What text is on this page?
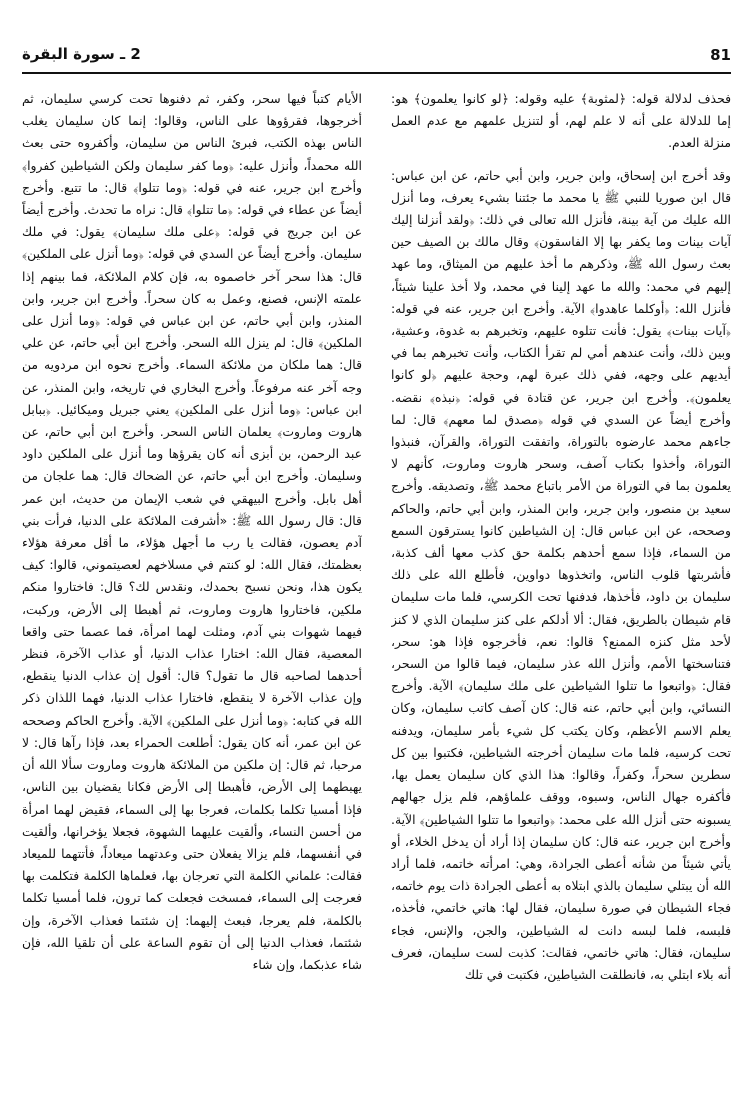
81
2 ـ سورة البقرة

فحذف لدلالة قوله: ﴿لمثوبة﴾ عليه وقوله: ﴿لو كانوا يعلمون﴾ هو: إما للدلالة على أنه لا علم لهم، أو لتنزيل علمهم مع عدم العمل منزلة العدم.

وقد أخرج ابن إسحاق، وابن جرير، وابن أبي حاتم، عن ابن عباس: قال ابن صوريا للنبي ﷺ يا محمد ما جئتنا بشيء يعرف، وما أنزل الله عليك من آية بينة، فأنزل الله تعالى في ذلك: ﴿ولقد أنزلنا إليك آيات بينات وما يكفر بها إلا الفاسقون﴾ وقال مالك بن الصيف حين بعث رسول الله ﷺ، وذكرهم ما أخذ عليهم من الميثاق، وما عهد إليهم في محمد: والله ما عهد إلينا في محمد، ولا أخذ علينا شيئاً، فأنزل الله: ﴿أوكلما عاهدوا﴾ الآية. وأخرج ابن جرير، عنه في قوله: ﴿آيات بينات﴾ يقول: فأنت تتلوه عليهم، وتخبرهم به غدوة، وعشية، وبين ذلك، وأنت عندهم أمي لم تقرأ الكتاب، وأنت تخبرهم بما في أيديهم على وجهه، ففي ذلك عبرة لهم، وحجة عليهم ﴿لو كانوا يعلمون﴾. وأخرج ابن جرير، عن قتادة في قوله: ﴿نبذه﴾ نقضه. وأخرج أيضاً عن السدي في قوله ﴿مصدق لما معهم﴾ قال: لما جاءهم محمد عارضوه بالتوراة، واتفقت التوراة، والقرآن، فنبذوا التوراة، وأخذوا بكتاب آصف، وسحر هاروت وماروت، كأنهم لا يعلمون بما في التوراة من الأمر باتباع محمد ﷺ، وتصديقه. وأخرج سعيد بن منصور، وابن جرير، وابن المنذر، وابن أبي حاتم، والحاكم وصححه، عن ابن عباس قال: إن الشياطين كانوا يسترقون السمع من السماء، فإذا سمع أحدهم بكلمة حق كذب معها ألف كذبة، فأشربتها قلوب الناس، واتخذوها دواوين، فأطلع الله على ذلك سليمان بن داود، فأخذها، فدفنها تحت الكرسي، فلما مات سليمان قام شيطان بالطريق، فقال: ألا أدلكم على كنز سليمان الذي لا كنز لأحد مثل كنزه الممنع؟ قالوا: نعم، فأخرجوه فإذا هو: سحر، فتناسختها الأمم، وأنزل الله عذر سليمان، فيما قالوا من السحر، فقال: ﴿واتبعوا ما تتلوا الشياطين على ملك سليمان﴾ الآية. وأخرج النسائي، وابن أبي حاتم، عنه قال: كان آصف كاتب سليمان، وكان يعلم الاسم الأعظم، وكان يكتب كل شيء بأمر سليمان، ويدفنه تحت كرسيه، فلما مات سليمان أخرجته الشياطين، فكتبوا بين كل سطرين سحراً، وكفراً، وقالوا: هذا الذي كان سليمان يعمل بها، فأكفره جهال الناس، وسبوه، ووقف علماؤهم، فلم يزل جهالهم يسبونه حتى أنزل الله على محمد: ﴿واتبعوا ما تتلوا الشياطين﴾ الآية. وأخرج ابن جرير، عنه قال: كان سليمان إذا أراد أن يدخل الخلاء، أو يأتي شيئاً من شأنه أعطى الجرادة، وهي: امرأته خاتمه، فلما أراد الله أن يبتلي سليمان بالذي ابتلاه به أعطى الجرادة ذات يوم خاتمه، فجاء الشيطان في صورة سليمان، فقال لها: هاتي خاتمي، فأخذه، فلبسه، فلما لبسه دانت له الشياطين، والجن، والإنس، فجاء سليمان، فقال: هاتي خاتمي، فقالت: كذبت لست سليمان، فعرف أنه بلاء ابتلي به، فانطلقت الشياطين، فكتبت في تلك

الأيام كتباً فيها سحر، وكفر، ثم دفنوها تحت كرسي سليمان، ثم أخرجوها، فقرؤوها على الناس، وقالوا: إنما كان سليمان يغلب الناس بهذه الكتب، فبرئ الناس من سليمان، وأكفروه حتى بعث الله محمداً، وأنزل عليه: ﴿وما كفر سليمان ولكن الشياطين كفروا﴾ وأخرج ابن جرير، عنه في قوله: ﴿وما تتلوا﴾ قال: ما تتبع. وأخرج أيضاً عن عطاء في قوله: ﴿ما تتلوا﴾ قال: نراه ما تحدث. وأخرج أيضاً عن ابن جريج في قوله: ﴿على ملك سليمان﴾ يقول: في ملك سليمان. وأخرج أيضاً عن السدي في قوله: ﴿وما أنزل على الملكين﴾ قال: هذا سحر آخر خاصموه به، فإن كلام الملائكة، فما بينهم إذا علمته الإنس، فصنع، وعمل به كان سحراً. وأخرج ابن جرير، وابن المنذر، وابن أبي حاتم، عن ابن عباس في قوله: ﴿وما أنزل على الملكين﴾ قال: لم ينزل الله السحر. وأخرج ابن أبي حاتم، عن علي قال: هما ملكان من ملائكة السماء. وأخرج نحوه ابن مردويه من وجه آخر عنه مرفوعاً. وأخرج البخاري في تاريخه، وابن المنذر، عن ابن عباس: ﴿وما أنزل على الملكين﴾ يعني جبريل وميكائيل. ﴿ببابل هاروت وماروت﴾ يعلمان الناس السحر. وأخرج ابن أبي حاتم، عن عبد الرحمن، بن أبزى أنه كان يقرؤها وما أنزل على الملكين داود وسليمان. وأخرج ابن أبي حاتم، عن الضحاك قال: هما علجان من أهل بابل. وأخرج البيهقي في شعب الإيمان من حديث، ابن عمر قال: قال رسول الله ﷺ: «أشرفت الملائكة على الدنيا، فرأت بني آدم يعصون، فقالت يا رب ما أجهل هؤلاء، ما أقل معرفة هؤلاء بعظمتك، فقال الله: لو كنتم في مسلاخهم لعصيتموني، قالوا: كيف يكون هذا، ونحن نسبح بحمدك، ونقدس لك؟ قال: فاختاروا منكم ملكين، فاختاروا هاروت وماروت، ثم أهبطا إلى الأرض، وركبت، فيهما شهوات بني آدم، ومثلت لهما امرأة، فما عصما حتى واقعا المعصية، فقال الله: اختارا عذاب الدنيا، أو عذاب الآخرة، فنظر أحدهما لصاحبه قال ما تقول؟ قال: أقول إن عذاب الدنيا ينقطع، وإن عذاب الآخرة لا ينقطع، فاختارا عذاب الدنيا، فهما اللذان ذكر الله في كتابه: ﴿وما أنزل على الملكين﴾ الآية. وأخرج الحاكم وصححه عن ابن عمر، أنه كان يقول: أطلعت الحمراء بعد، فإذا رآها قال: لا مرحبا، ثم قال: إن ملكين من الملائكة هاروت وماروت سألا الله أن يهبطهما إلى الأرض، فأهبطا إلى الأرض فكانا يقضيان بين الناس، فإذا أمسيا تكلما بكلمات، فعرجا بها إلى السماء، فقيض لهما امرأة من أحسن النساء، وألقيت عليهما الشهوة، فجعلا يؤخرانها، وألقيت في أنفسهما، فلم يزالا يفعلان حتى وعدتهما ميعاداً، فأتتهما للميعاد فقالت: علماني الكلمة التي تعرجان بها، فعلماها الكلمة فتكلمت بها فعرجت إلى السماء، فمسخت فجعلت كما ترون، فلما أمسيا تكلما بالكلمة، فلم يعرجا، فبعث إليهما: إن شئتما فعذاب الآخرة، وإن شئتما، فعذاب الدنيا إلى أن تقوم الساعة على أن تلقيا الله، فإن شاء عذبكما، وإن شاء
